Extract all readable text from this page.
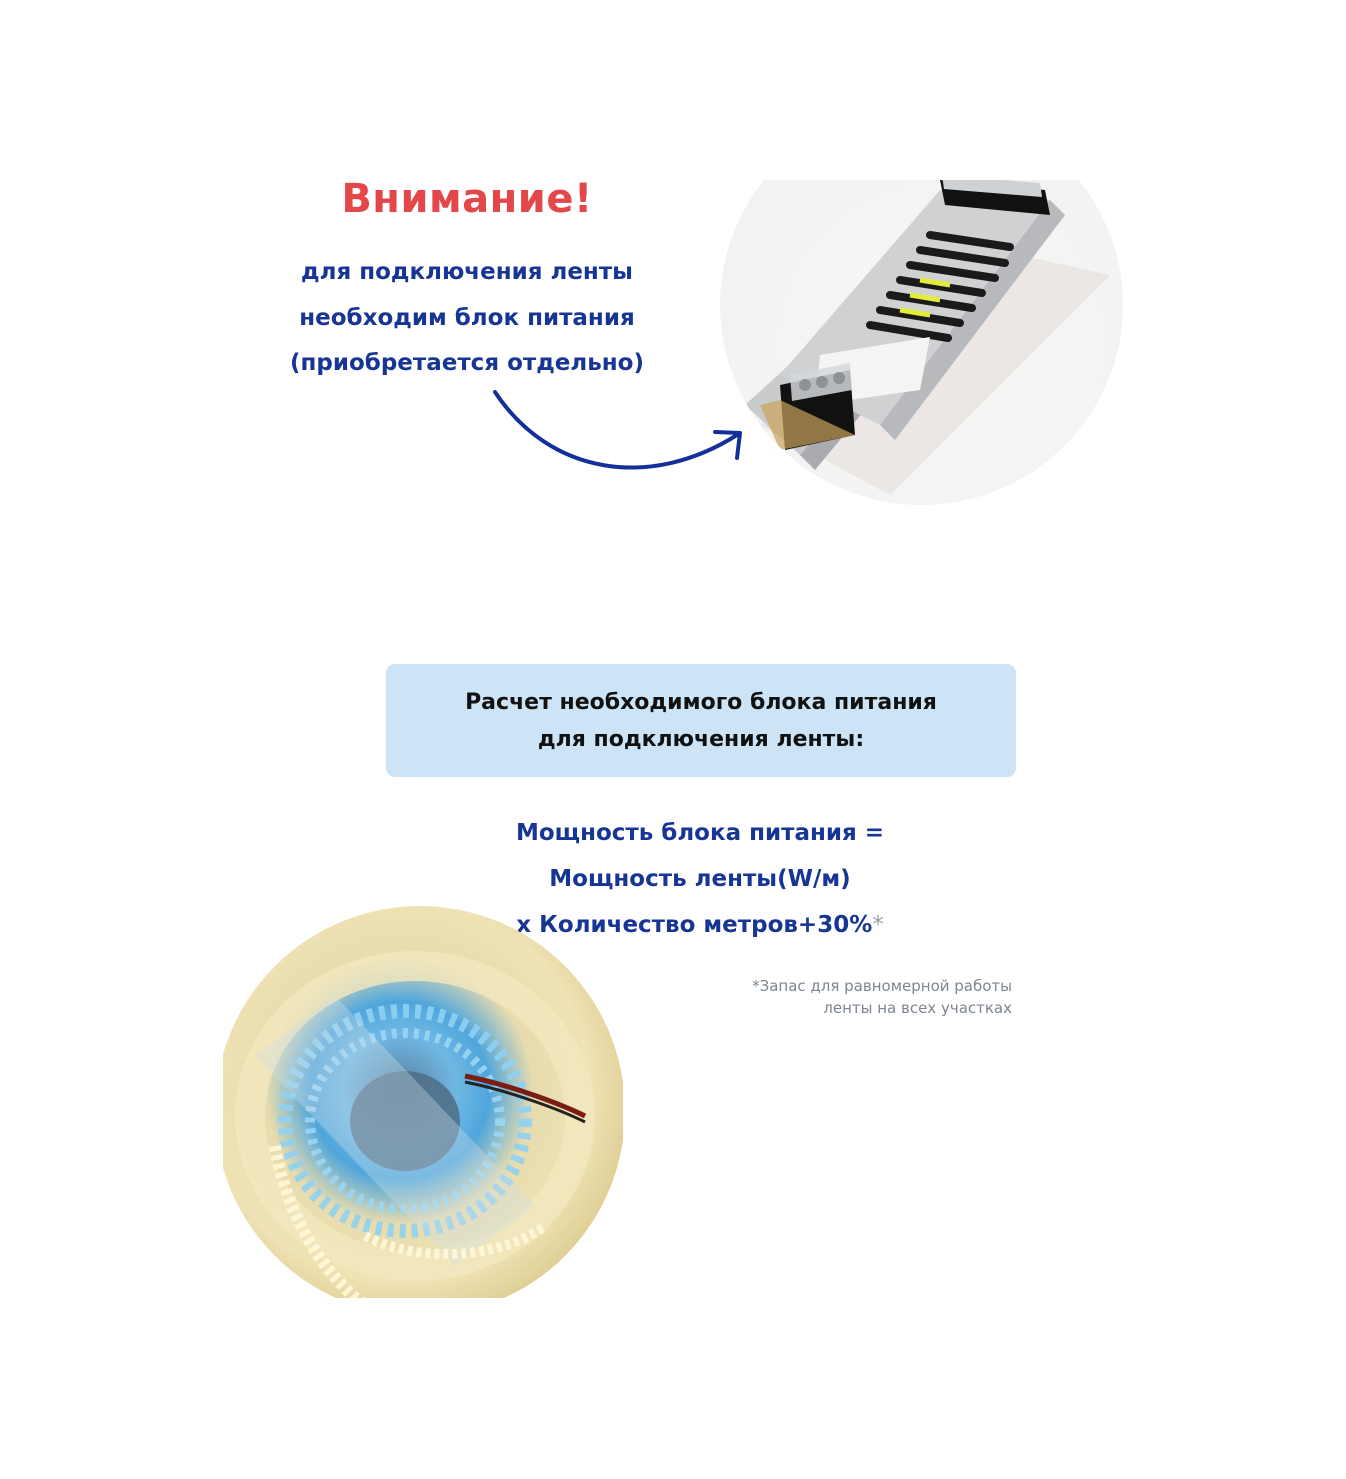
Внимание!
для подключения ленты
необходим блок питания
(приобретается отдельно)
Расчет необходимого блока питания
для подключения ленты:
Мощность блока питания =
Мощность ленты(W/м)
х Количество метров+30%*
*Запас для равномерной работы
ленты на всех участках
